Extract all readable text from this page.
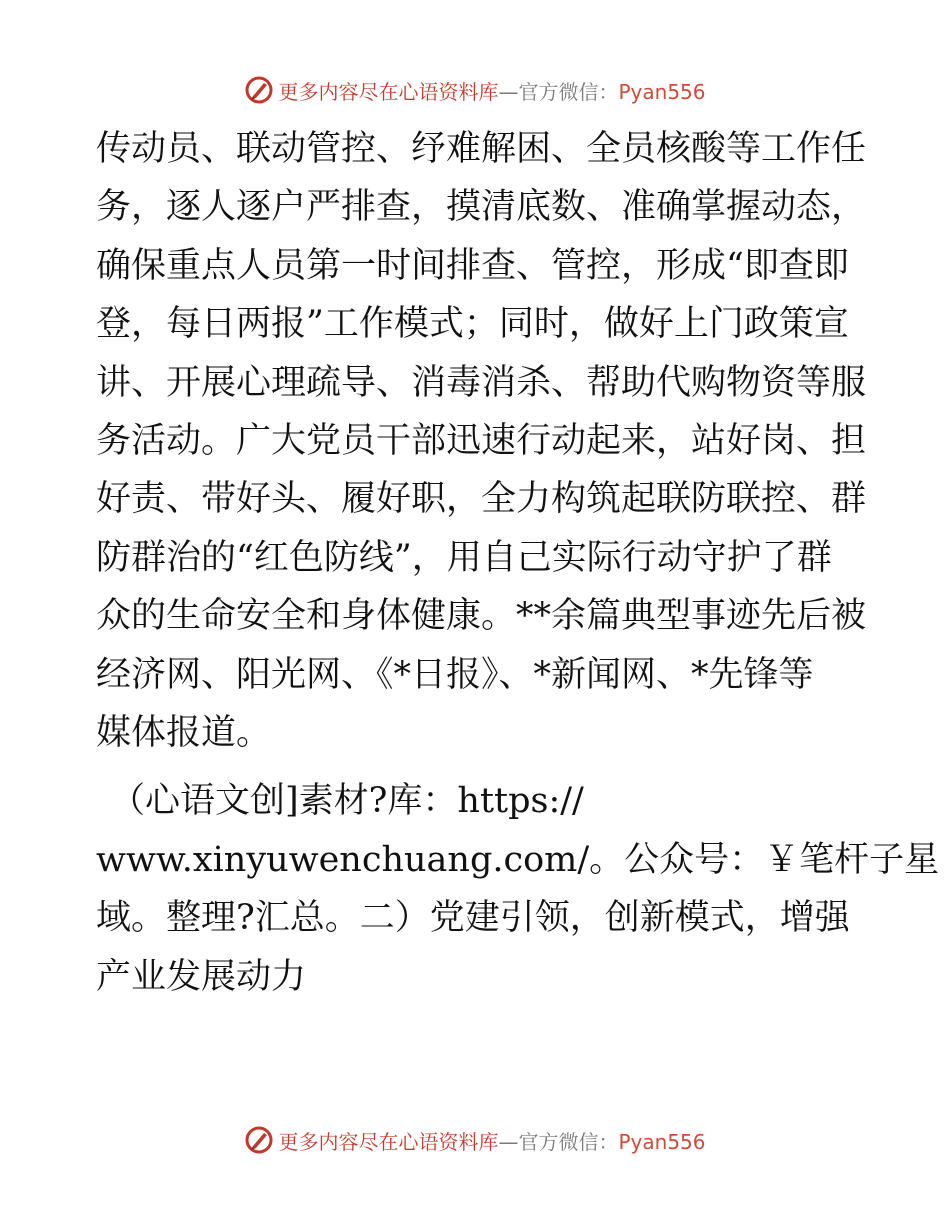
更多内容尽在心语资料库—官方微信：Pyan556
传动员、联动管控、纾难解困、全员核酸等工作任
务，逐人逐户严排查，摸清底数、准确掌握动态，
确保重点人员第一时间排查、管控，形成“即查即
登，每日两报”工作模式；同时，做好上门政策宣
讲、开展心理疏导、消毒消杀、帮助代购物资等服
务活动。广大党员干部迅速行动起来，站好岗、担
好责、带好头、履好职，全力构筑起联防联控、群
防群治的“红色防线”，用自己实际行动守护了群
众的生命安全和身体健康。**余篇典型事迹先后被
经济网、阳光网、《*日报》、*新闻网、*先锋等
媒体报道。
（心语文创]素材?库：https://
www.xinyuwenchuang.com/。公众号：￥笔杆子星
域。整理?汇总。二）党建引领，创新模式，增强
产业发展动力
更多内容尽在心语资料库—官方微信：Pyan556
